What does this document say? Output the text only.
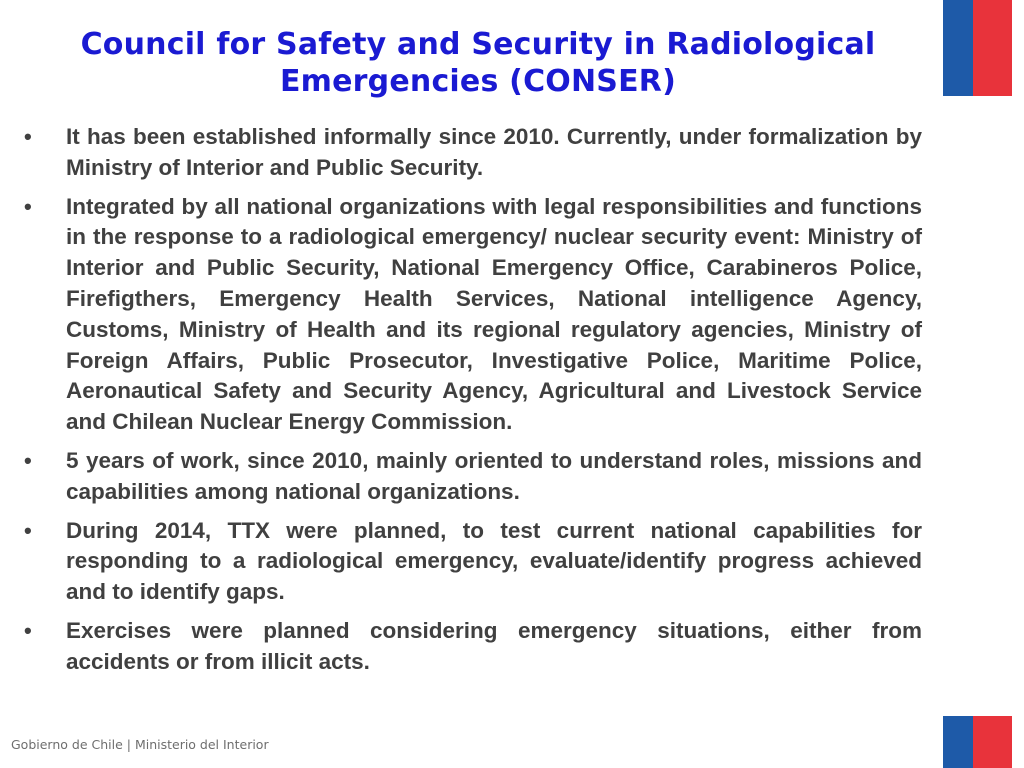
Council for Safety and Security in Radiological
Emergencies (CONSER)
•	It has been established informally since 2010. Currently, under formalization by Ministry of Interior and Public Security.
•	Integrated by all national organizations with legal responsibilities and functions in the response to a radiological emergency/ nuclear security event: Ministry of Interior and Public Security, National Emergency Office, Carabineros Police, Firefigthers, Emergency Health Services, National intelligence Agency, Customs, Ministry of Health and its regional regulatory agencies, Ministry of Foreign Affairs, Public Prosecutor, Investigative Police, Maritime Police, Aeronautical Safety and Security Agency, Agricultural and Livestock Service and Chilean Nuclear Energy Commission.
•	5 years of work, since 2010, mainly oriented to understand roles, missions and capabilities among national organizations.
•	During 2014, TTX were planned, to test current national capabilities for responding to a radiological emergency, evaluate/identify progress achieved and to identify gaps.
•	Exercises were planned considering emergency situations, either from accidents or from illicit acts.
Gobierno de Chile | Ministerio del Interior
